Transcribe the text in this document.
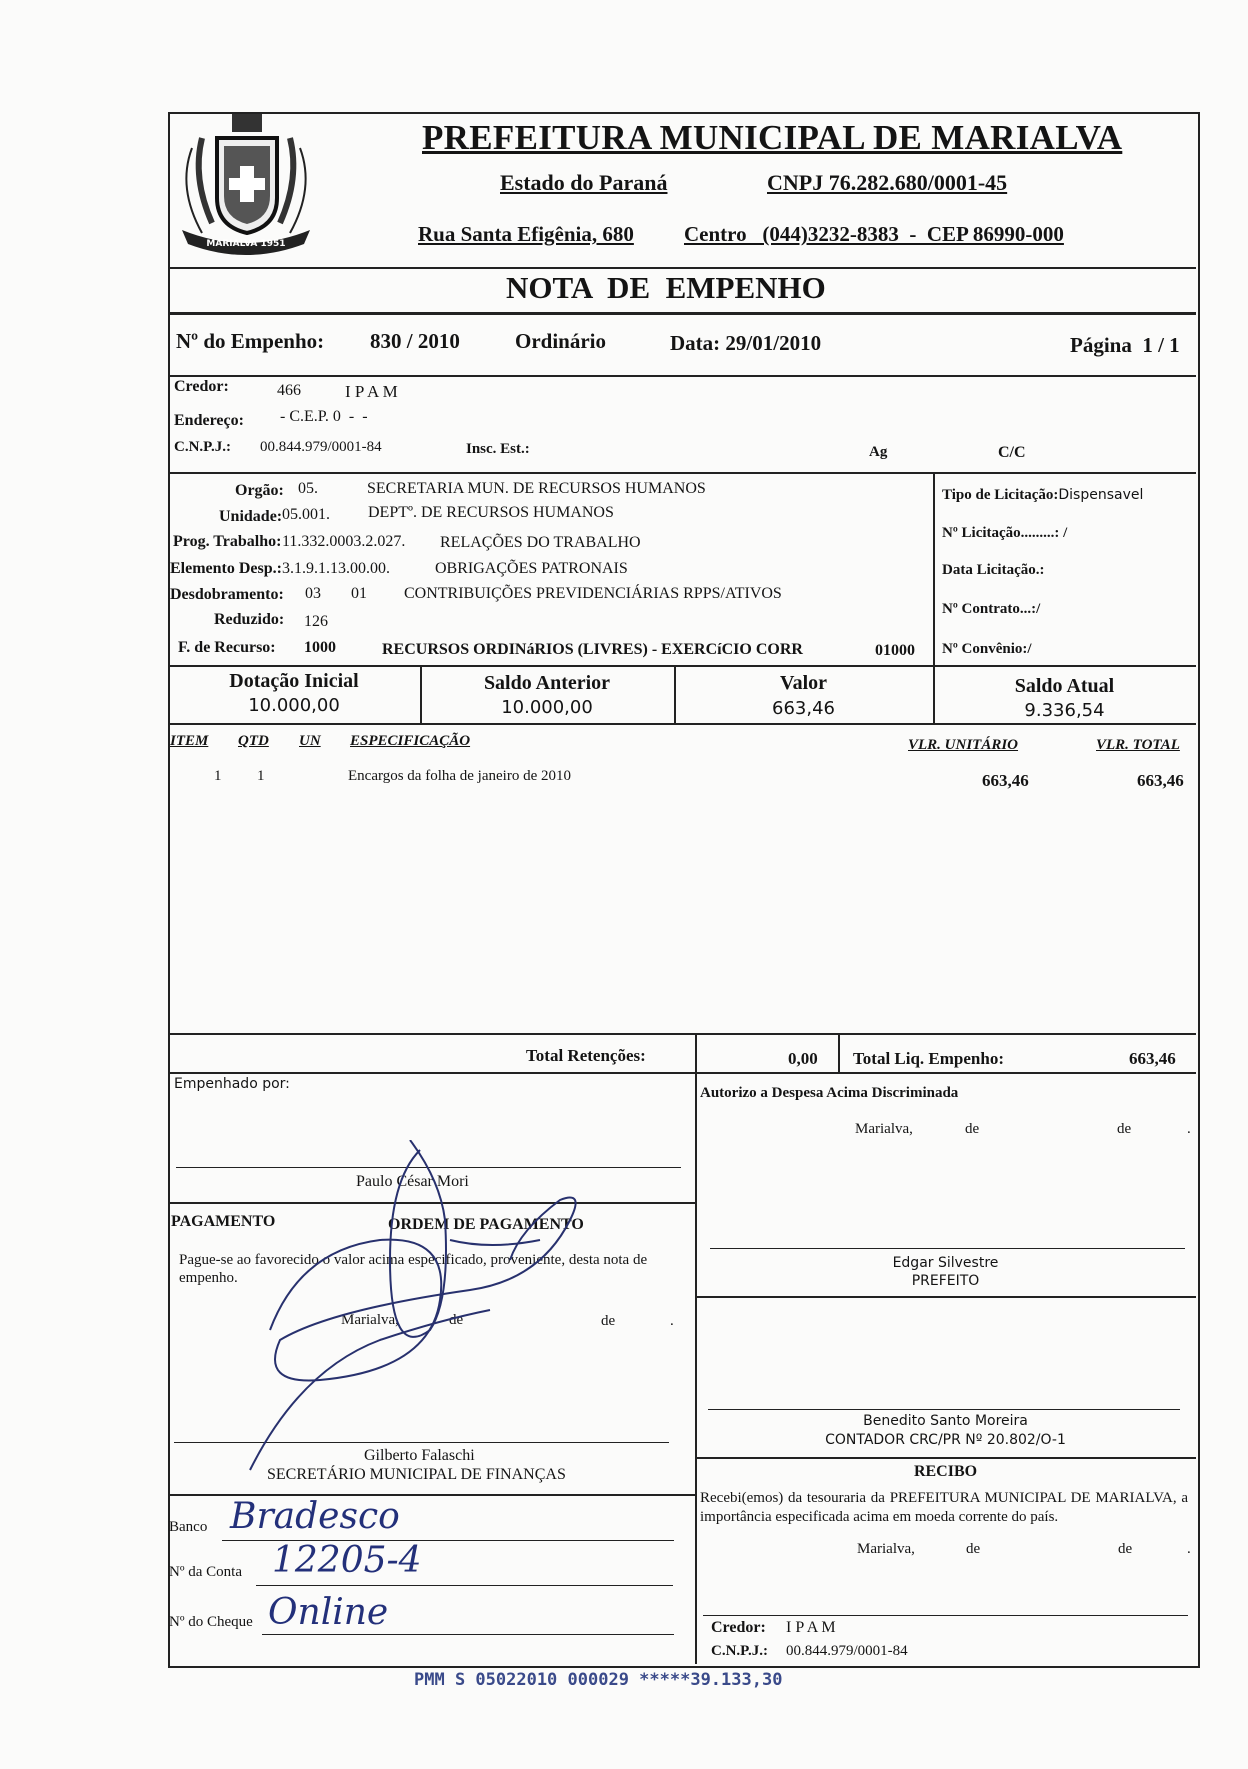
MARIALVA 1951
PREFEITURA MUNICIPAL DE MARIALVA
Estado do Paraná	CNPJ 76.282.680/0001-45
Rua Santa Efigênia, 680 Centro   (044)3232-8383  -  CEP 86990-000
NOTA  DE  EMPENHO
Nº do Empenho: 830 / 2010	Ordinário	Data: 29/01/2010	Página  1 / 1
Credor:	466	I P A M
Endereço: - C.E.P. 0  -  -
C.N.P.J.: 00.844.979/0001-84	Insc. Est.:	Ag	C/C
Orgão: 05.	SECRETARIA MUN. DE RECURSOS HUMANOS
Unidade: 05.001. DEPTº. DE RECURSOS HUMANOS
Prog. Trabalho: 11.332.0003.2.027. RELAÇÕES DO TRABALHO
Elemento Desp.: 3.1.9.1.13.00.00.	OBRIGAÇÕES PATRONAIS
Desdobramento: 03 01 CONTRIBUIÇÕES PREVIDENCIÁRIAS RPPS/ATIVOS
Reduzido: 126
F. de Recurso: 1000	RECURSOS ORDINáRIOS (LIVRES) - EXERCíCIO CORR	01000
Tipo de Licitação:Dispensavel
Nº Licitação.........: /
Data Licitação.:
Nº Contrato...:/
Nº Convênio:/
Dotação Inicial
10.000,00
Saldo Anterior
10.000,00
Valor
663,46
Saldo Atual
9.336,54
ITEM QTD UN ESPECIFICAÇÃO	VLR. UNITÁRIO	VLR. TOTAL
1 1	Encargos da folha de janeiro de 2010	663,46	663,46
Total Retenções:	0,00 Total Liq. Empenho:	663,46
Empenhado por:
Paulo César Mori
PAGAMENTO	ORDEM DE PAGAMENTO
Pague-se ao favorecido o valor acima especificado, proveniente, desta nota de empenho.
Marialva,	de	de	.
Gilberto Falaschi
SECRETÁRIO MUNICIPAL DE FINANÇAS
Banco Bradesco
Nº da Conta 12205-4
Nº do Cheque Online
Autorizo a Despesa Acima Discriminada
Marialva,	de	de	.
Edgar Silvestre
PREFEITO
Benedito Santo Moreira
CONTADOR CRC/PR Nº 20.802/O-1
RECIBO
Recebi(emos) da tesouraria da PREFEITURA MUNICIPAL DE MARIALVA, a importância especificada acima em moeda corrente do país.
Marialva,	de	de	.
Credor: I P A M
C.N.P.J.: 00.844.979/0001-84
PMM S 05022010 000029 *****39.133,30
